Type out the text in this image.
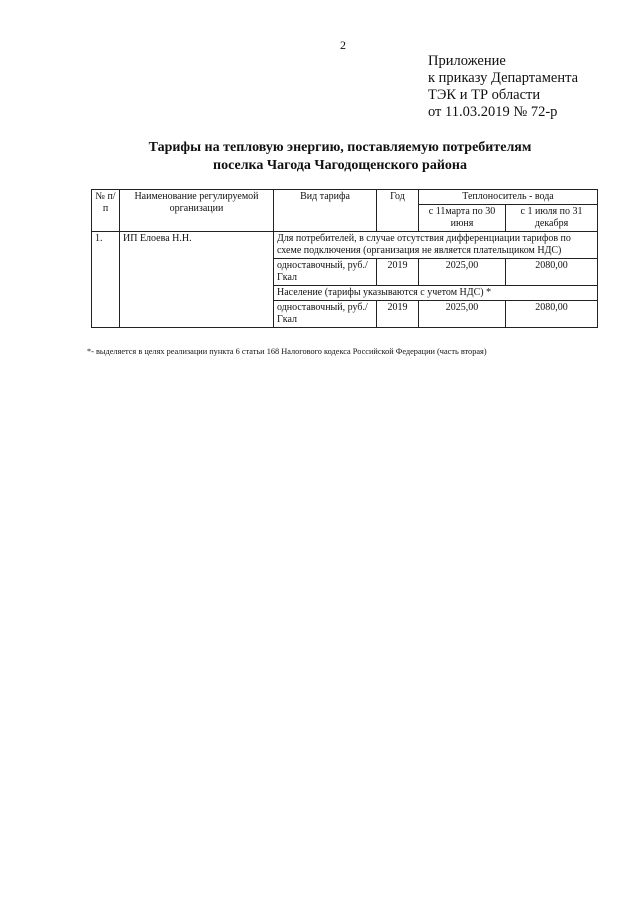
2
Приложение
к приказу Департамента
ТЭК и ТР области
от 11.03.2019 № 72-р
Тарифы на тепловую энергию, поставляемую потребителям
поселка Чагода Чагодощенского района
№ п/п	Наименование регулируемой организации	Вид тарифа	Год	Теплоноситель - вода	
				с 11марта по 30 июня	с 1 июля по 31 декабря
1.	ИП Елоева Н.Н.	Для потребителей, в случае отсутствия дифференциации тарифов по схеме подключения (организация не является плательщиком НДС)			
		одноставочный, руб./Гкал	2019	2025,00	2080,00
		Население (тарифы указываются с учетом НДС) *			
		одноставочный, руб./Гкал	2019	2025,00	2080,00
*- выделяется в целях реализации пункта 6 статьи 168 Налогового кодекса Российской Федерации (часть вторая)
